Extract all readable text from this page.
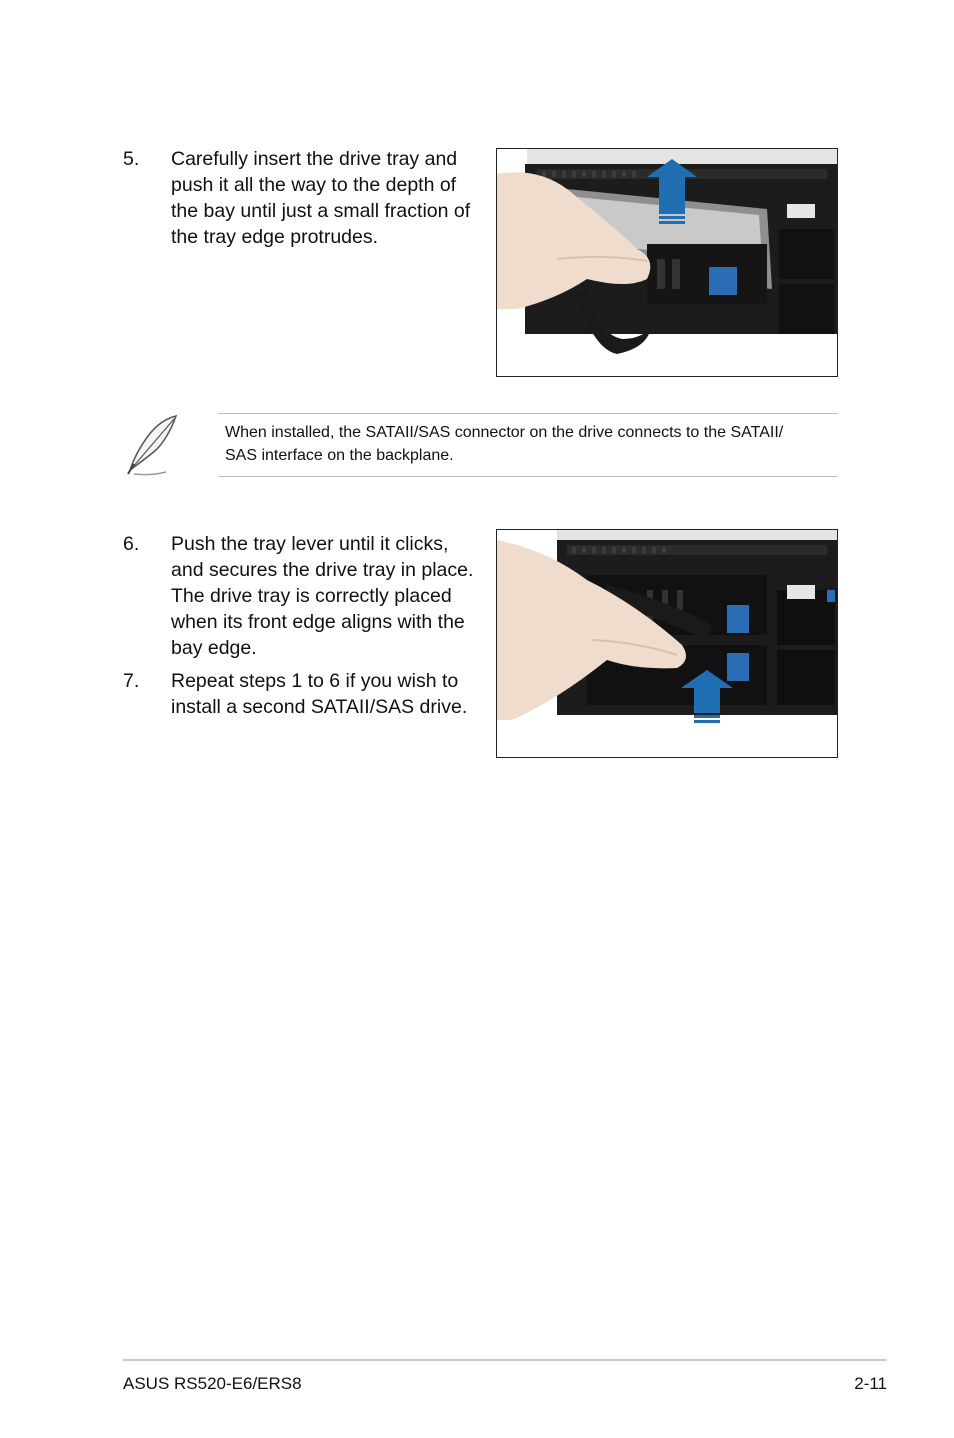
5. Carefully insert the drive tray and
push it all the way to the depth of
the bay until just a small fraction of
the tray edge protrudes.
When installed, the SATAII/SAS connector on the drive connects to the SATAII/
SAS interface on the backplane.
6. Push the tray lever until it clicks,
and secures the drive tray in place.
The drive tray is correctly placed
when its front edge aligns with the
bay edge.
7. Repeat steps 1 to 6 if you wish to
install a second SATAII/SAS drive.
ASUS RS520-E6/ERS8	2-11
